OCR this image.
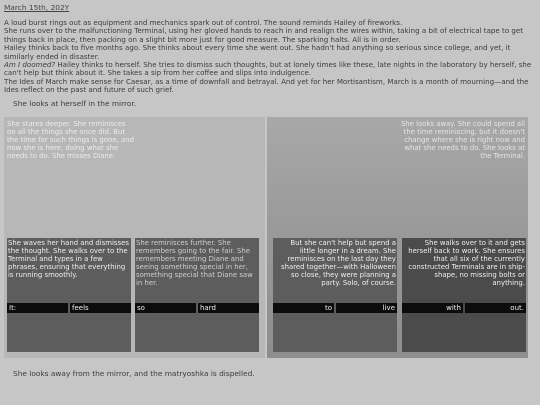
March 15th, 202Y

A loud burst rings out as equipment and mechanics spark out of control. The sound reminds Hailey of fireworks.

She runs over to the malfunctioning Terminal, using her gloved hands to reach in and realign the wires within, taking a bit of electrical tape to get things back in place, then packing on a slight bit more just for good measure. The sparking halts. All is in order.

Hailey thinks back to five months ago. She thinks about every time she went out. She hadn't had anything so serious since college, and yet, it similarly ended in disaster.

Am I doomed? Hailey thinks to herself. She tries to dismiss such thoughts, but at lonely times like these, late nights in the laboratory by herself, she can't help but think about it. She takes a sip from her coffee and slips into indulgence.

The Ides of March make sense for Caesar, as a time of downfall and betrayal. And yet for her Mortisantism, March is a month of mourning—and the Ides reflect on the past and future of such grief.

She looks at herself in the mirror.
She stares deeper. She reminisces on all the things she once did. But the time for such things is gone, and now she is here, doing what she needs to do. She misses Diane.
She looks away. She could spend all the time reminiscing, but it doesn't change where she is right now and what she needs to do. She looks at the Terminal.
She waves her hand and dismisses the thought. She walks over to the Terminal and types in a few phrases, ensuring that everything is running smoothly.
It:	feels
She reminisces further. She remembers going to the fair. She remembers meeting Diane and seeing something special in her, something special that Diane saw in her.
so	hard
But she can't help but spend a little longer in a dream. She reminisces on the last day they shared together—with Halloween so close, they were planning a party. Solo, of course.
to	live
She walks over to it and gets herself back to work. She ensures that all six of the currently constructed Terminals are in ship-shape, no missing bolts or anything.
with	out.
She looks away from the mirror, and the matryoshka is dispelled.
